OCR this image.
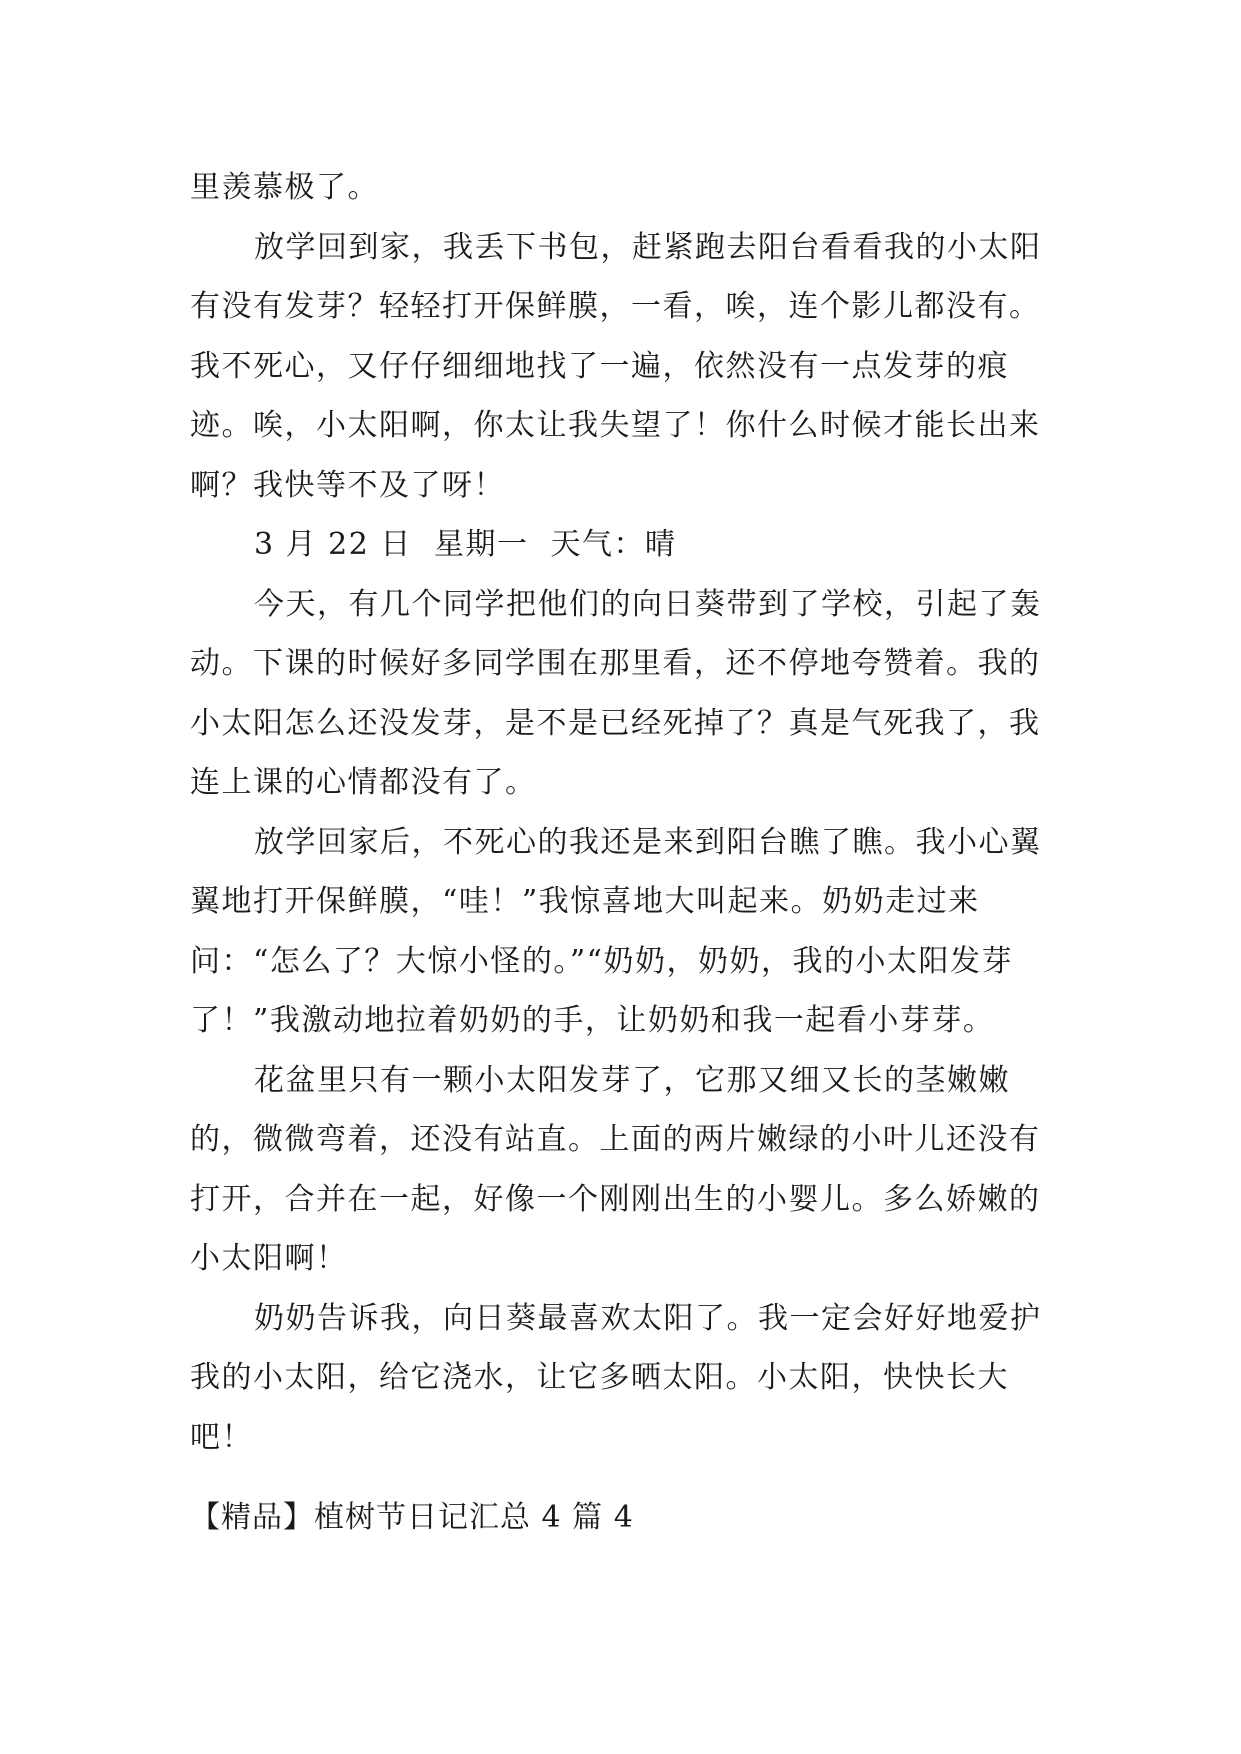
里羡慕极了。

放学回到家，我丢下书包，赶紧跑去阳台看看我的小太阳有没有发芽？轻轻打开保鲜膜，一看，唉，连个影儿都没有。我不死心，又仔仔细细地找了一遍，依然没有一点发芽的痕迹。唉，小太阳啊，你太让我失望了！你什么时候才能长出来啊？我快等不及了呀！

3 月 22 日  星期一  天气：晴

今天，有几个同学把他们的向日葵带到了学校，引起了轰动。下课的时候好多同学围在那里看，还不停地夸赞着。我的小太阳怎么还没发芽，是不是已经死掉了？真是气死我了，我连上课的心情都没有了。

放学回家后，不死心的我还是来到阳台瞧了瞧。我小心翼翼地打开保鲜膜，“哇！”我惊喜地大叫起来。奶奶走过来问：“怎么了？大惊小怪的。”“奶奶，奶奶，我的小太阳发芽了！”我激动地拉着奶奶的手，让奶奶和我一起看小芽芽。

花盆里只有一颗小太阳发芽了，它那又细又长的茎嫩嫩的，微微弯着，还没有站直。上面的两片嫩绿的小叶儿还没有打开，合并在一起，好像一个刚刚出生的小婴儿。多么娇嫩的小太阳啊！

奶奶告诉我，向日葵最喜欢太阳了。我一定会好好地爱护我的小太阳，给它浇水，让它多晒太阳。小太阳，快快长大吧！

【精品】植树节日记汇总 4 篇 4
